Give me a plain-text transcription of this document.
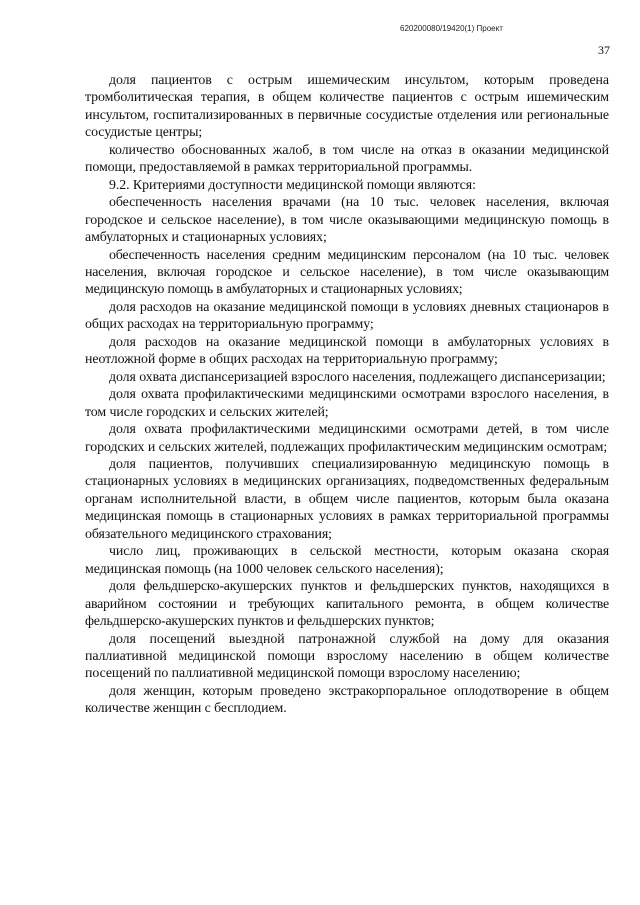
620200080/19420(1) Проект
37

доля пациентов с острым ишемическим инсультом, которым проведена тромболитическая терапия, в общем количестве пациентов с острым ишемическим инсультом, госпитализированных в первичные сосудистые отделения или региональные сосудистые центры;

количество обоснованных жалоб, в том числе на отказ в оказании медицинской помощи, предоставляемой в рамках территориальной программы.

9.2. Критериями доступности медицинской помощи являются:

обеспеченность населения врачами (на 10 тыс. человек населения, включая городское и сельское население), в том числе оказывающими медицинскую помощь в амбулаторных и стационарных условиях;

обеспеченность населения средним медицинским персоналом (на 10 тыс. человек населения, включая городское и сельское население), в том числе оказывающим медицинскую помощь в амбулаторных и стационарных условиях;

доля расходов на оказание медицинской помощи в условиях дневных стационаров в общих расходах на территориальную программу;

доля расходов на оказание медицинской помощи в амбулаторных условиях в неотложной форме в общих расходах на территориальную программу;

доля охвата диспансеризацией взрослого населения, подлежащего диспансеризации;

доля охвата профилактическими медицинскими осмотрами взрослого населения, в том числе городских и сельских жителей;

доля охвата профилактическими медицинскими осмотрами детей, в том числе городских и сельских жителей, подлежащих профилактическим медицинским осмотрам;

доля пациентов, получивших специализированную медицинскую помощь в стационарных условиях в медицинских организациях, подведомственных федеральным органам исполнительной власти, в общем числе пациентов, которым была оказана медицинская помощь в стационарных условиях в рамках территориальной программы обязательного медицинского страхования;

число лиц, проживающих в сельской местности, которым оказана скорая медицинская помощь (на 1000 человек сельского населения);

доля фельдшерско-акушерских пунктов и фельдшерских пунктов, находящихся в аварийном состоянии и требующих капитального ремонта, в общем количестве фельдшерско-акушерских пунктов и фельдшерских пунктов;

доля посещений выездной патронажной службой на дому для оказания паллиативной медицинской помощи взрослому населению в общем количестве посещений по паллиативной медицинской помощи взрослому населению;

доля женщин, которым проведено экстракорпоральное оплодотворение в общем количестве женщин с бесплодием.
